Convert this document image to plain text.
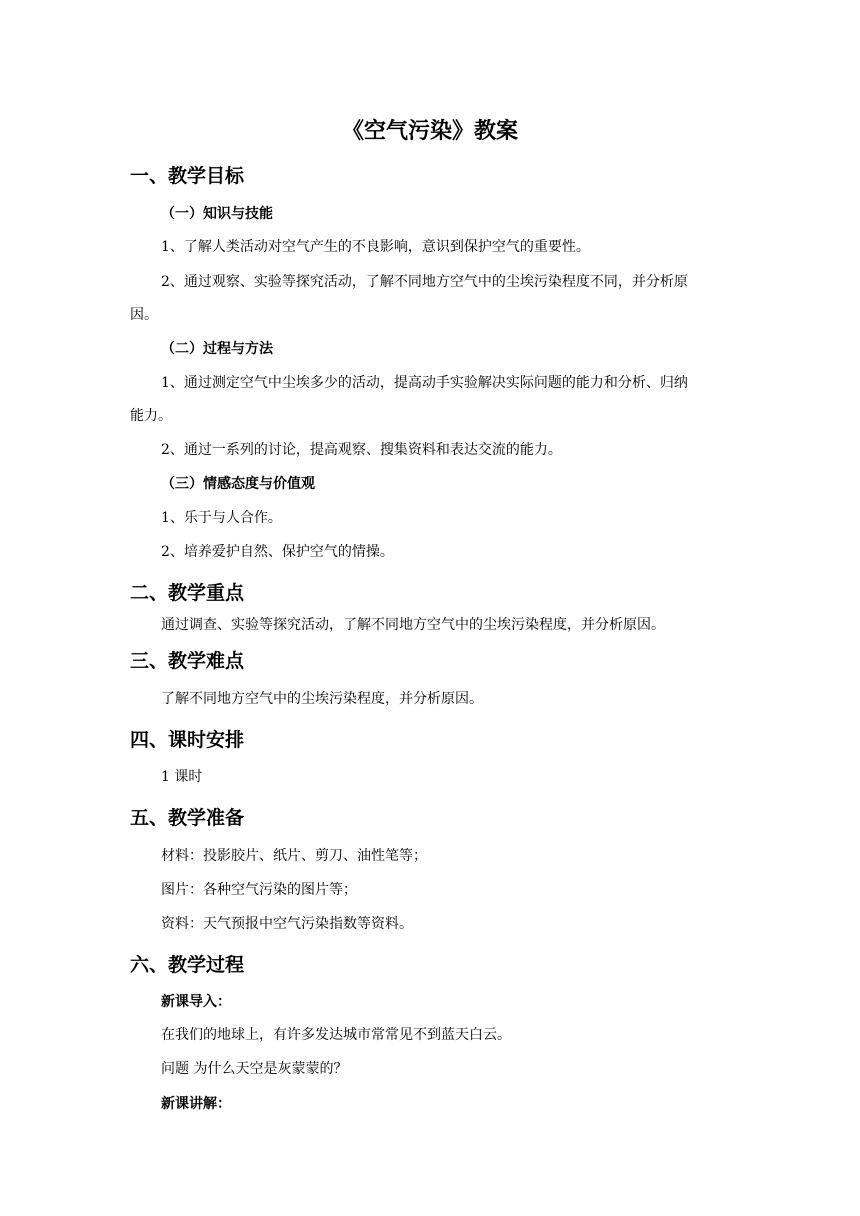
《空气污染》教案
一、教学目标
（一）知识与技能

1、了解人类活动对空气产生的不良影响，意识到保护空气的重要性。

2、通过观察、实验等探究活动，了解不同地方空气中的尘埃污染程度不同，并分析原

因。

（二）过程与方法

1、通过测定空气中尘埃多少的活动，提高动手实验解决实际问题的能力和分析、归纳

能力。

2、通过一系列的讨论，提高观察、搜集资料和表达交流的能力。

（三）情感态度与价值观

1、乐于与人合作。

2、培养爱护自然、保护空气的情操。

二、教学重点

通过调查、实验等探究活动，了解不同地方空气中的尘埃污染程度，并分析原因。

三、教学难点

了解不同地方空气中的尘埃污染程度，并分析原因。

四、课时安排

1 课时

五、教学准备

材料：投影胶片、纸片、剪刀、油性笔等；

图片：各种空气污染的图片等；

资料：天气预报中空气污染指数等资料。

六、教学过程

新课导入：

在我们的地球上，有许多发达城市常常见不到蓝天白云。

问题 为什么天空是灰蒙蒙的？

新课讲解：
